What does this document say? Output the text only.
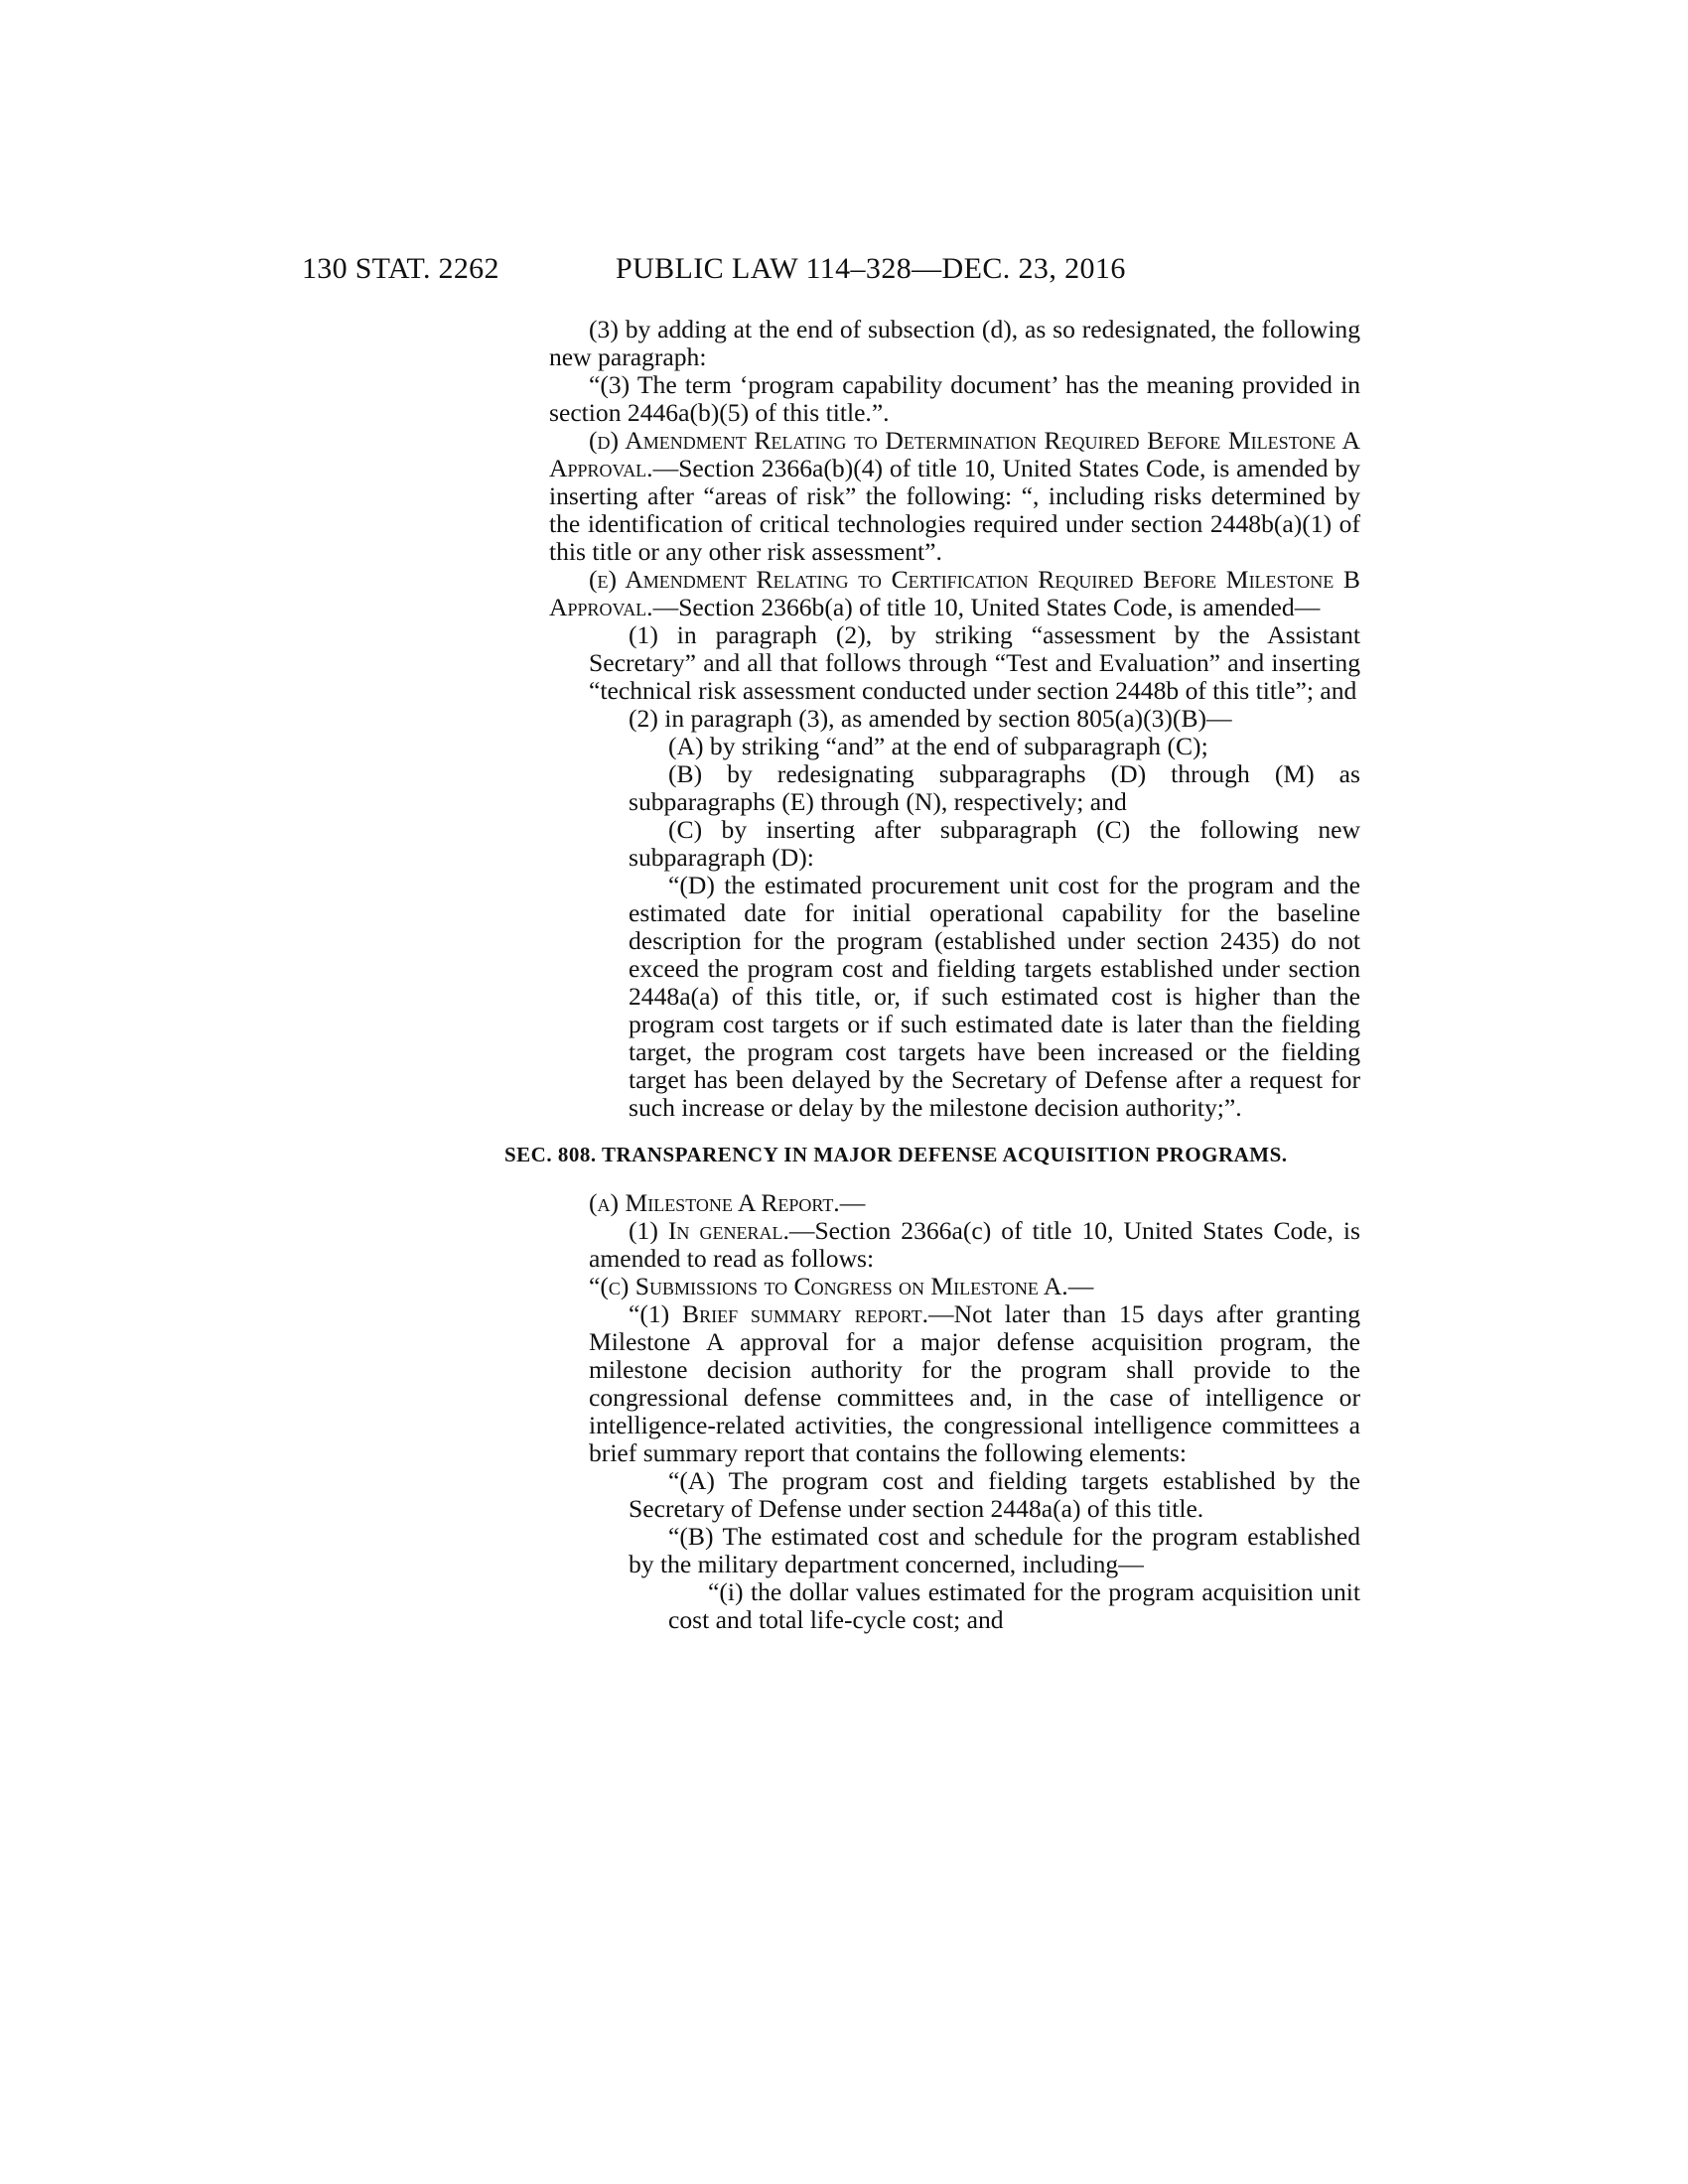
130 STAT. 2262	PUBLIC LAW 114–328—DEC. 23, 2016

(3) by adding at the end of subsection (d), as so redesignated, the following new paragraph:

“(3) The term ‘program capability document’ has the meaning provided in section 2446a(b)(5) of this title.”.

(d) Amendment Relating to Determination Required Before Milestone A Approval.—Section 2366a(b)(4) of title 10, United States Code, is amended by inserting after “areas of risk” the following: “, including risks determined by the identification of critical technologies required under section 2448b(a)(1) of this title or any other risk assessment”.

(e) Amendment Relating to Certification Required Before Milestone B Approval.—Section 2366b(a) of title 10, United States Code, is amended—

(1) in paragraph (2), by striking “assessment by the Assistant Secretary” and all that follows through “Test and Evaluation” and inserting “technical risk assessment conducted under section 2448b of this title”; and

(2) in paragraph (3), as amended by section 805(a)(3)(B)—

(A) by striking “and” at the end of subparagraph (C);

(B) by redesignating subparagraphs (D) through (M) as subparagraphs (E) through (N), respectively; and

(C) by inserting after subparagraph (C) the following new subparagraph (D):

“(D) the estimated procurement unit cost for the program and the estimated date for initial operational capability for the baseline description for the program (established under section 2435) do not exceed the program cost and fielding targets established under section 2448a(a) of this title, or, if such estimated cost is higher than the program cost targets or if such estimated date is later than the fielding target, the program cost targets have been increased or the fielding target has been delayed by the Secretary of Defense after a request for such increase or delay by the milestone decision authority;”.

SEC. 808. TRANSPARENCY IN MAJOR DEFENSE ACQUISITION PROGRAMS.

(a) Milestone A Report.—

(1) In general.—Section 2366a(c) of title 10, United States Code, is amended to read as follows:

“(c) Submissions to Congress on Milestone A.—

“(1) Brief summary report.—Not later than 15 days after granting Milestone A approval for a major defense acquisition program, the milestone decision authority for the program shall provide to the congressional defense committees and, in the case of intelligence or intelligence-related activities, the congressional intelligence committees a brief summary report that contains the following elements:

“(A) The program cost and fielding targets established by the Secretary of Defense under section 2448a(a) of this title.

“(B) The estimated cost and schedule for the program established by the military department concerned, including—

“(i) the dollar values estimated for the program acquisition unit cost and total life-cycle cost; and
